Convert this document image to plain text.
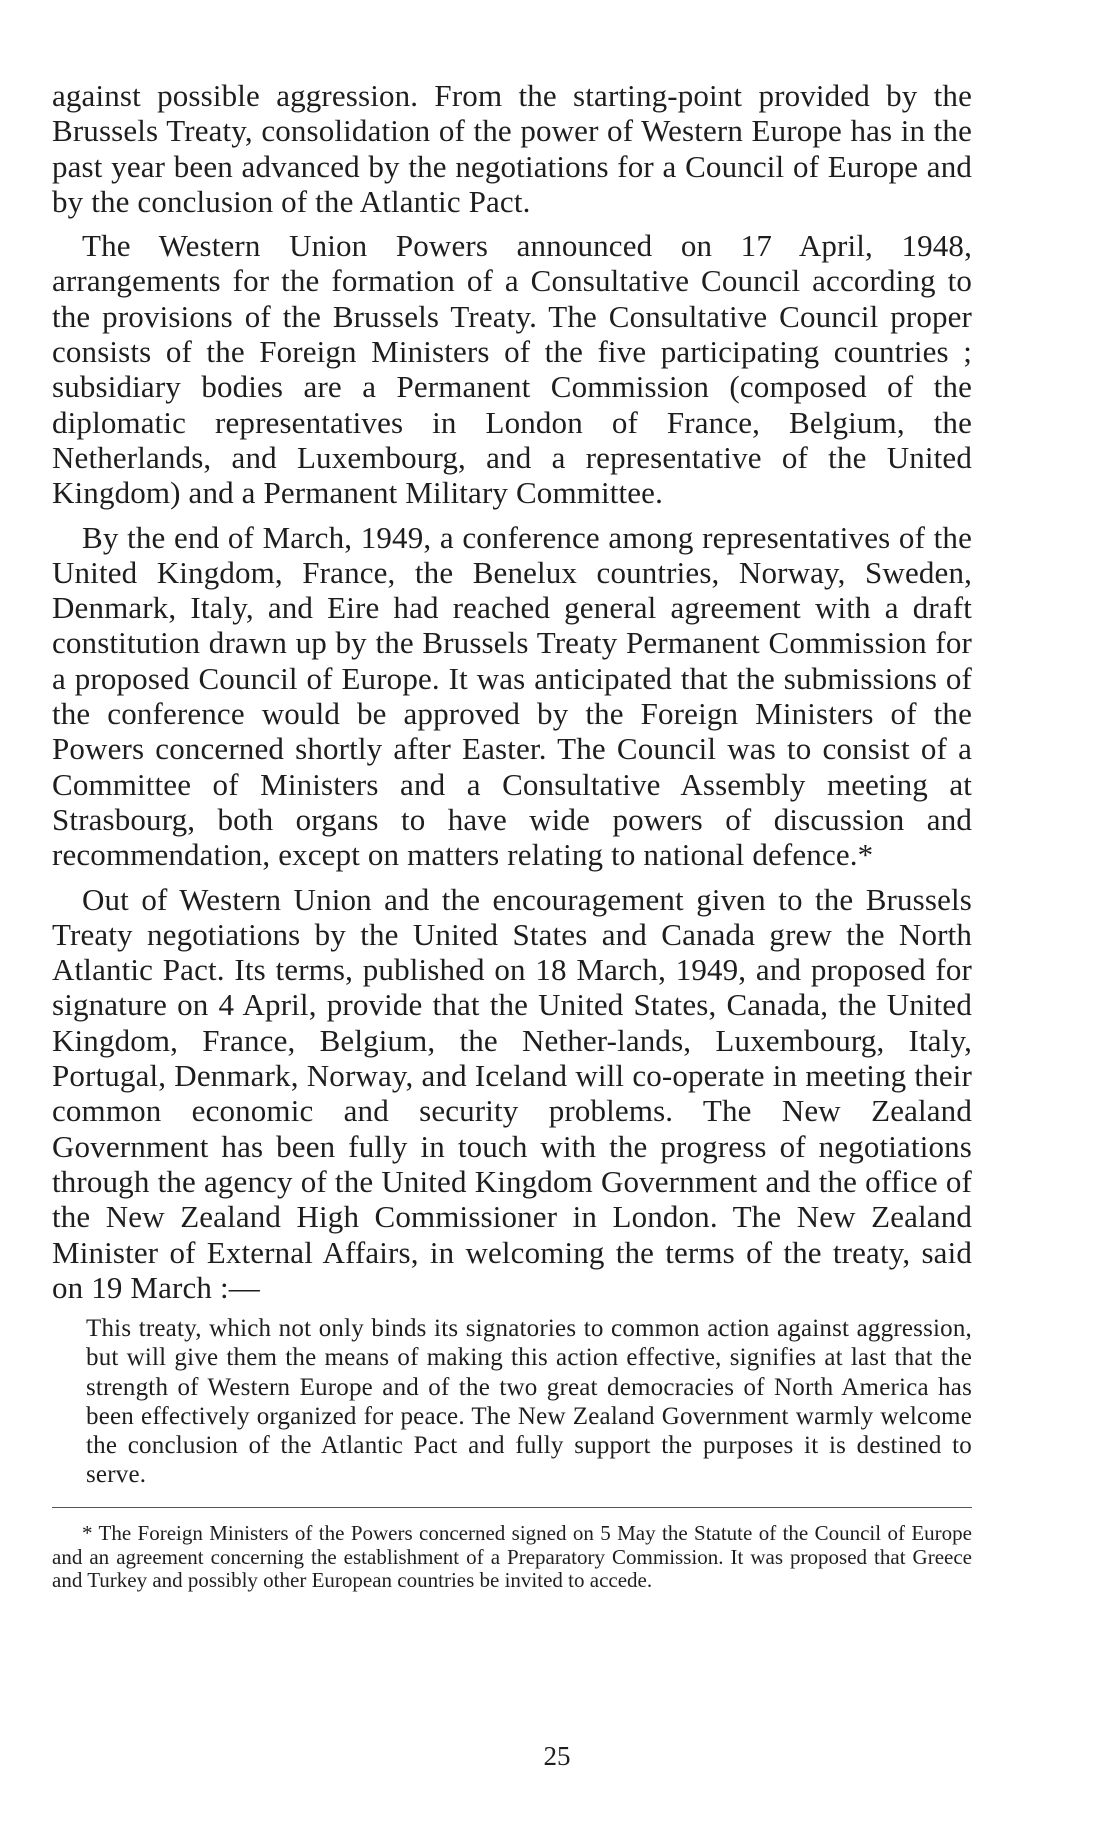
against possible aggression. From the starting-point provided by the Brussels Treaty, consolidation of the power of Western Europe has in the past year been advanced by the negotiations for a Council of Europe and by the conclusion of the Atlantic Pact.

The Western Union Powers announced on 17 April, 1948, arrangements for the formation of a Consultative Council according to the provisions of the Brussels Treaty. The Consultative Council proper consists of the Foreign Ministers of the five participating countries ; subsidiary bodies are a Permanent Commission (composed of the diplomatic representatives in London of France, Belgium, the Netherlands, and Luxembourg, and a representative of the United Kingdom) and a Permanent Military Committee.

By the end of March, 1949, a conference among representatives of the United Kingdom, France, the Benelux countries, Norway, Sweden, Denmark, Italy, and Eire had reached general agreement with a draft constitution drawn up by the Brussels Treaty Permanent Commission for a proposed Council of Europe. It was anticipated that the submissions of the conference would be approved by the Foreign Ministers of the Powers concerned shortly after Easter. The Council was to consist of a Committee of Ministers and a Consultative Assembly meeting at Strasbourg, both organs to have wide powers of discussion and recommendation, except on matters relating to national defence.*

Out of Western Union and the encouragement given to the Brussels Treaty negotiations by the United States and Canada grew the North Atlantic Pact. Its terms, published on 18 March, 1949, and proposed for signature on 4 April, provide that the United States, Canada, the United Kingdom, France, Belgium, the Nether-lands, Luxembourg, Italy, Portugal, Denmark, Norway, and Iceland will co-operate in meeting their common economic and security problems. The New Zealand Government has been fully in touch with the progress of negotiations through the agency of the United Kingdom Government and the office of the New Zealand High Commissioner in London. The New Zealand Minister of External Affairs, in welcoming the terms of the treaty, said on 19 March :—

This treaty, which not only binds its signatories to common action against aggression, but will give them the means of making this action effective, signifies at last that the strength of Western Europe and of the two great democracies of North America has been effectively organized for peace. The New Zealand Government warmly welcome the conclusion of the Atlantic Pact and fully support the purposes it is destined to serve.
* The Foreign Ministers of the Powers concerned signed on 5 May the Statute of the Council of Europe and an agreement concerning the establishment of a Preparatory Commission. It was proposed that Greece and Turkey and possibly other European countries be invited to accede.
25
